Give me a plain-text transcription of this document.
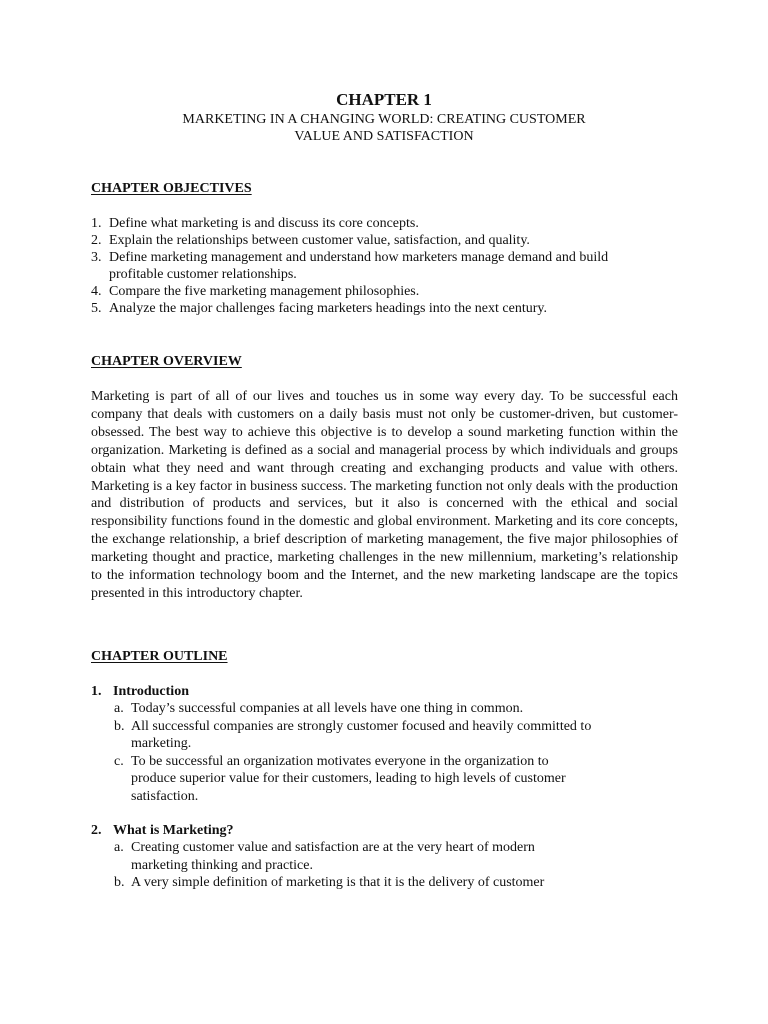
CHAPTER 1
MARKETING IN A CHANGING WORLD: CREATING CUSTOMER
VALUE AND SATISFACTION
CHAPTER OBJECTIVES
1. Define what marketing is and discuss its core concepts.
2. Explain the relationships between customer value, satisfaction, and quality.
3. Define marketing management and understand how marketers manage demand and build profitable customer relationships.
4. Compare the five marketing management philosophies.
5. Analyze the major challenges facing marketers headings into the next century.
CHAPTER OVERVIEW
Marketing is part of all of our lives and touches us in some way every day. To be successful each company that deals with customers on a daily basis must not only be customer-driven, but customer-obsessed. The best way to achieve this objective is to develop a sound marketing function within the organization. Marketing is defined as a social and managerial process by which individuals and groups obtain what they need and want through creating and exchanging products and value with others. Marketing is a key factor in business success. The marketing function not only deals with the production and distribution of products and services, but it also is concerned with the ethical and social responsibility functions found in the domestic and global environment. Marketing and its core concepts, the exchange relationship, a brief description of marketing management, the five major philosophies of marketing thought and practice, marketing challenges in the new millennium, marketing’s relationship to the information technology boom and the Internet, and the new marketing landscape are the topics presented in this introductory chapter.
CHAPTER OUTLINE
1. Introduction
a. Today’s successful companies at all levels have one thing in common.
b. All successful companies are strongly customer focused and heavily committed to marketing.
c. To be successful an organization motivates everyone in the organization to produce superior value for their customers, leading to high levels of customer satisfaction.
2. What is Marketing?
a. Creating customer value and satisfaction are at the very heart of modern marketing thinking and practice.
b. A very simple definition of marketing is that it is the delivery of customer
